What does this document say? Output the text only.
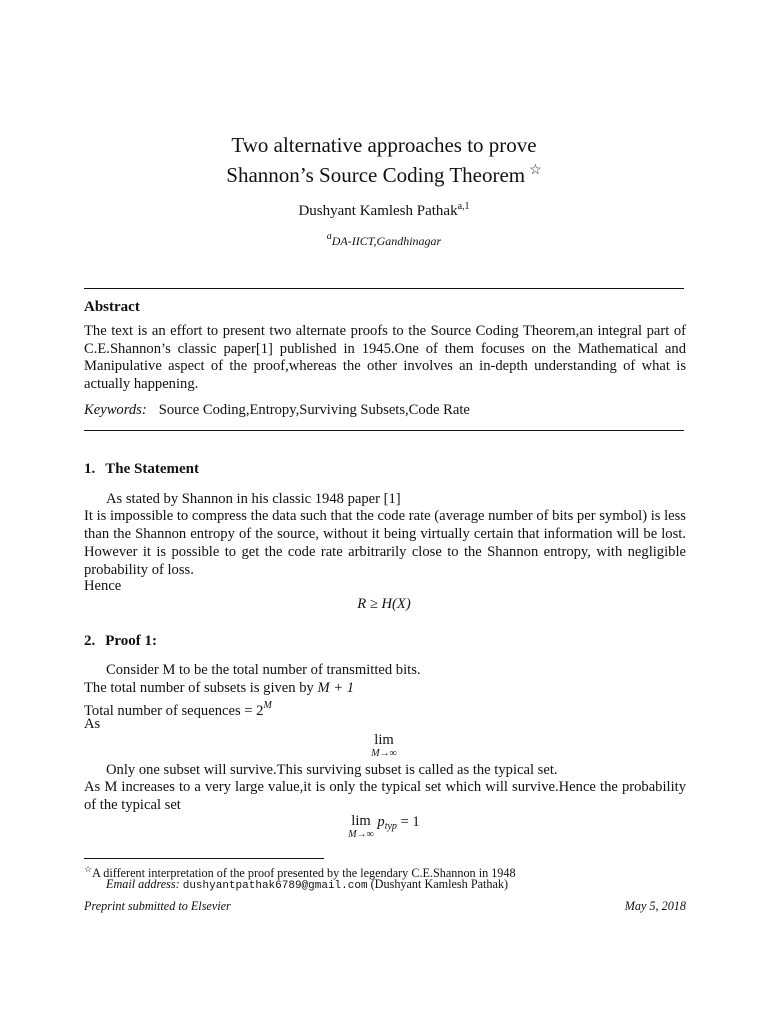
Two alternative approaches to prove
Shannon’s Source Coding Theorem ☆
Dushyant Kamlesh Pathak$^{a,1}$
$^a$DA-IICT,Gandhinagar
Abstract
The text is an effort to present two alternate proofs to the Source Coding Theorem,an integral part of C.E.Shannon’s classic paper[1] published in 1945.One of them focuses on the Mathematical and Manipulative aspect of the proof,whereas the other involves an in-depth understanding of what is actually happening.
Keywords: Source Coding,Entropy,Surviving Subsets,Code Rate
1. The Statement
As stated by Shannon in his classic 1948 paper [1]
It is impossible to compress the data such that the code rate (average number of bits per symbol) is less than the Shannon entropy of the source, without it being virtually certain that information will be lost. However it is possible to get the code rate arbitrarily close to the Shannon entropy, with negligible probability of loss.
Hence
R ≥ H(X)
2. Proof 1:
Consider M to be the total number of transmitted bits.
The total number of subsets is given by M + 1
Total number of sequences = $2^M$
As
lim
M→∞
Only one subset will survive.This surviving subset is called as the typical set.
As M increases to a very large value,it is only the typical set which will survive.Hence the probability of the typical set
lim
M→∞
$p_{typ} = 1$
☆A different interpretation of the proof presented by the legendary C.E.Shannon in 1948
Email address: dushyantpathak6789@gmail.com (Dushyant Kamlesh Pathak)
Preprint submitted to Elsevier	May 5, 2018
